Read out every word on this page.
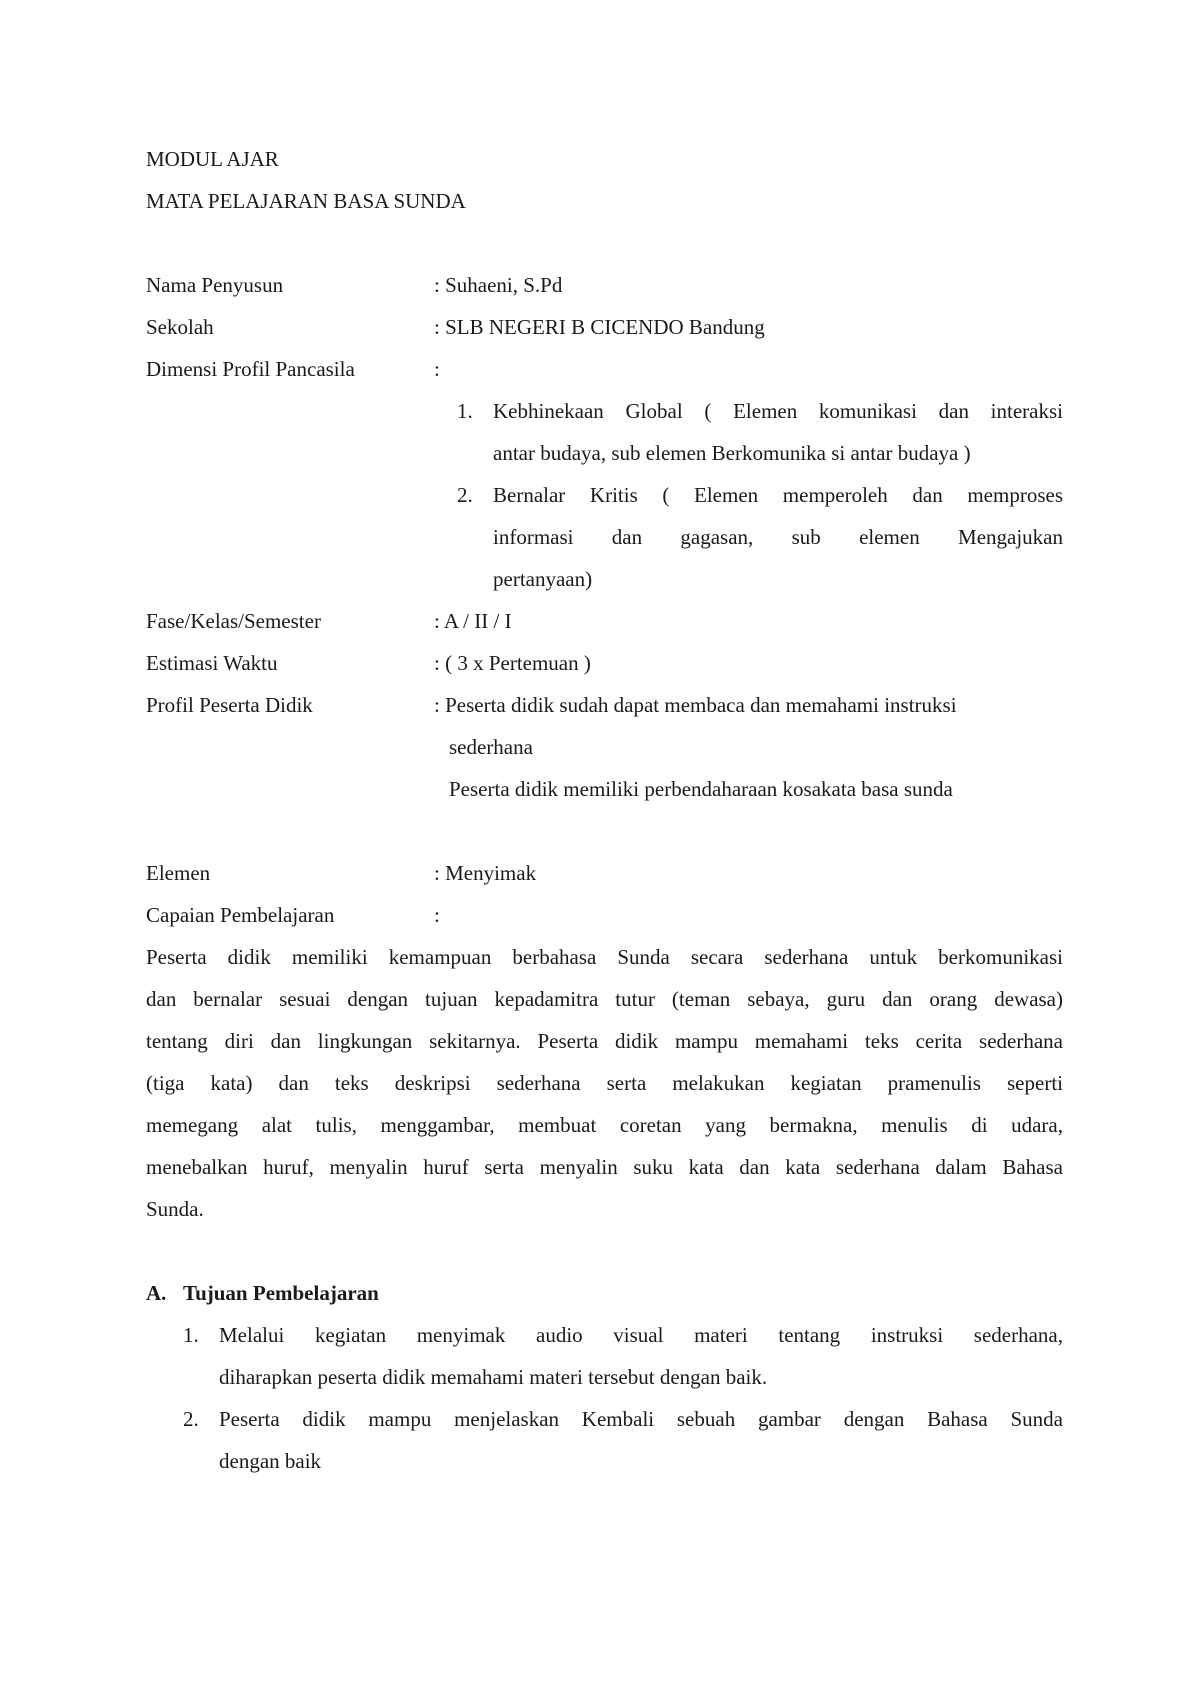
MODUL AJAR
MATA PELAJARAN BASA SUNDA
Nama Penyusun	: Suhaeni, S.Pd
Sekolah	: SLB NEGERI B CICENDO Bandung
Dimensi Profil Pancasila	:
1. Kebhinekaan Global ( Elemen komunikasi dan interaksi
antar budaya, sub elemen Berkomunika si antar budaya )
2. Bernalar Kritis ( Elemen memperoleh dan memproses
informasi dan gagasan, sub elemen Mengajukan
pertanyaan)
Fase/Kelas/Semester	: A / II / I
Estimasi Waktu	: ( 3 x Pertemuan )
Profil Peserta Didik	: Peserta didik sudah dapat membaca dan memahami instruksi
sederhana
Peserta didik memiliki perbendaharaan kosakata basa sunda
Elemen	: Menyimak
Capaian Pembelajaran	:
Peserta didik memiliki kemampuan berbahasa Sunda secara sederhana untuk berkomunikasi
dan bernalar sesuai dengan tujuan kepadamitra tutur (teman sebaya, guru dan orang dewasa)
tentang diri dan lingkungan sekitarnya. Peserta didik mampu memahami teks cerita sederhana
(tiga kata) dan teks deskripsi sederhana serta melakukan kegiatan pramenulis seperti
memegang alat tulis, menggambar, membuat coretan yang bermakna, menulis di udara,
menebalkan huruf, menyalin huruf serta menyalin suku kata dan kata sederhana dalam Bahasa
Sunda.
A. Tujuan Pembelajaran
1. Melalui kegiatan menyimak audio visual materi tentang instruksi sederhana,
diharapkan peserta didik memahami materi tersebut dengan baik.
2. Peserta didik mampu menjelaskan Kembali sebuah gambar dengan Bahasa Sunda
dengan baik
